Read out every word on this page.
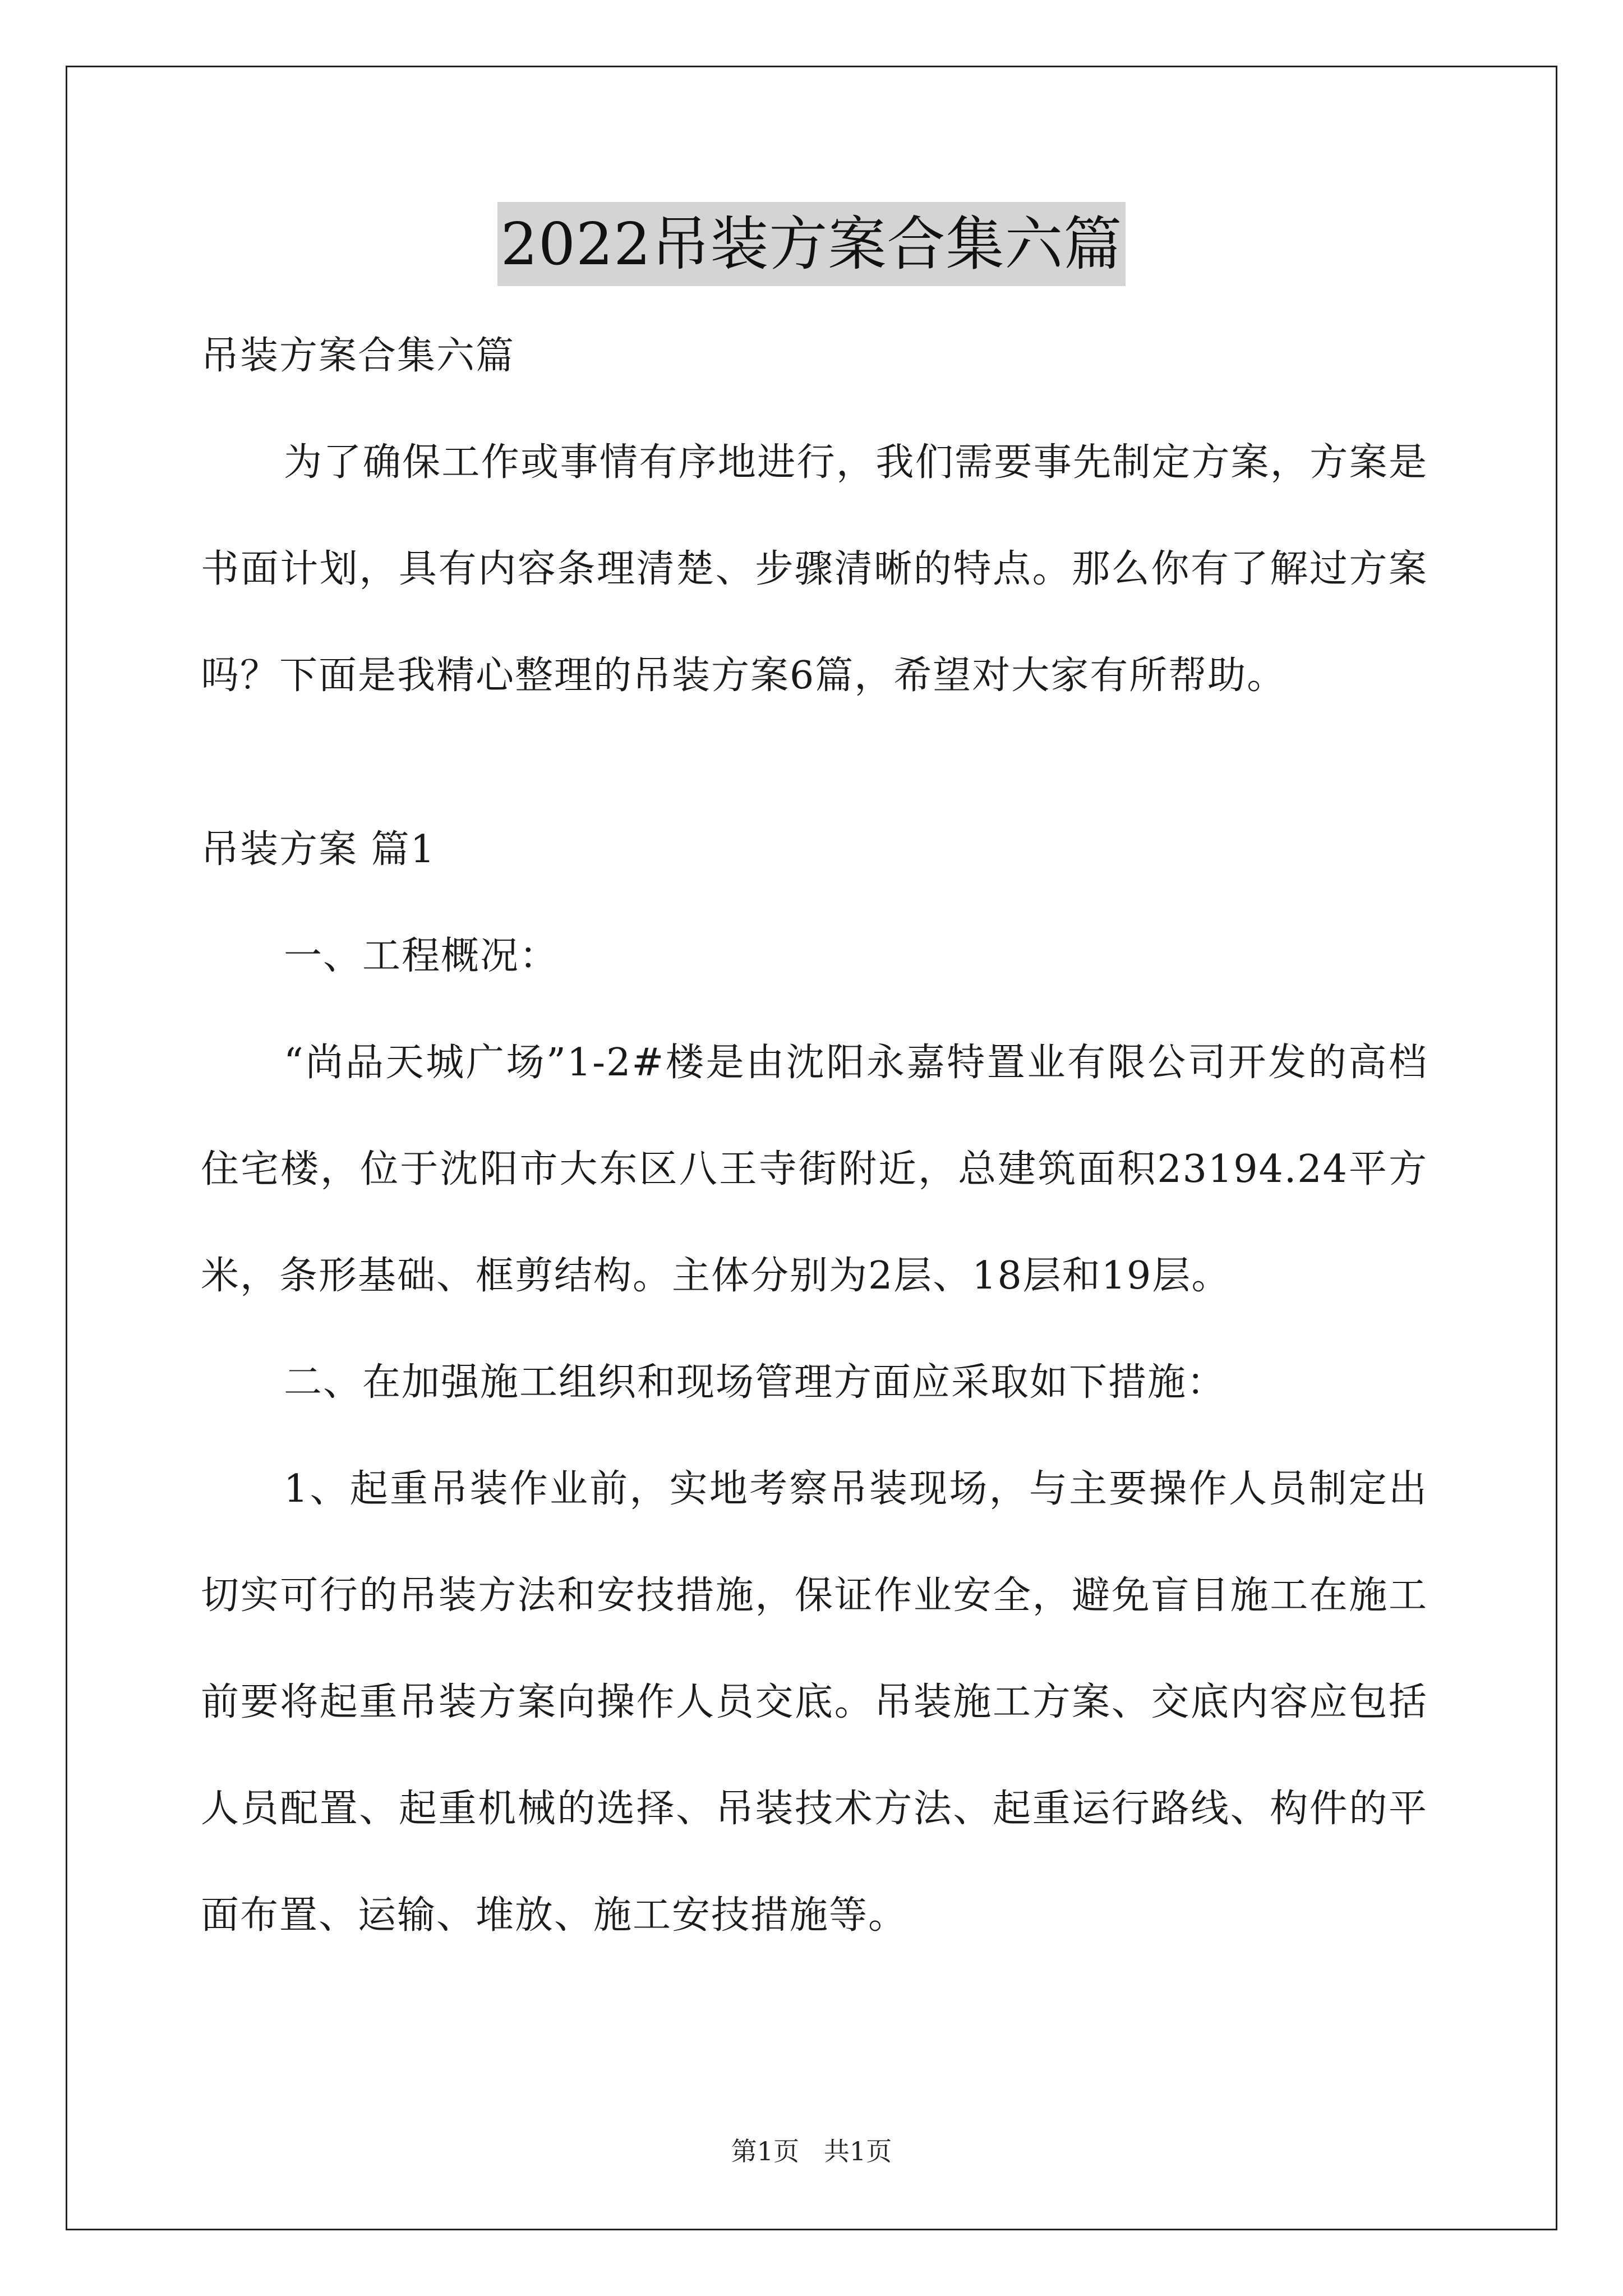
2022吊装方案合集六篇

吊装方案合集六篇

为了确保工作或事情有序地进行，我们需要事先制定方案，方案是书面计划，具有内容条理清楚、步骤清晰的特点。那么你有了解过方案吗？下面是我精心整理的吊装方案6篇，希望对大家有所帮助。

吊装方案 篇1

一、工程概况：

“尚品天城广场”1-2#楼是由沈阳永嘉特置业有限公司开发的高档住宅楼，位于沈阳市大东区八王寺街附近，总建筑面积23194.24平方米，条形基础、框剪结构。主体分别为2层、18层和19层。

二、在加强施工组织和现场管理方面应采取如下措施：

1、起重吊装作业前，实地考察吊装现场，与主要操作人员制定出切实可行的吊装方法和安技措施，保证作业安全，避免盲目施工在施工前要将起重吊装方案向操作人员交底。吊装施工方案、交底内容应包括人员配置、起重机械的选择、吊装技术方法、起重运行路线、构件的平面布置、运输、堆放、施工安技措施等。

第1页   共1页
